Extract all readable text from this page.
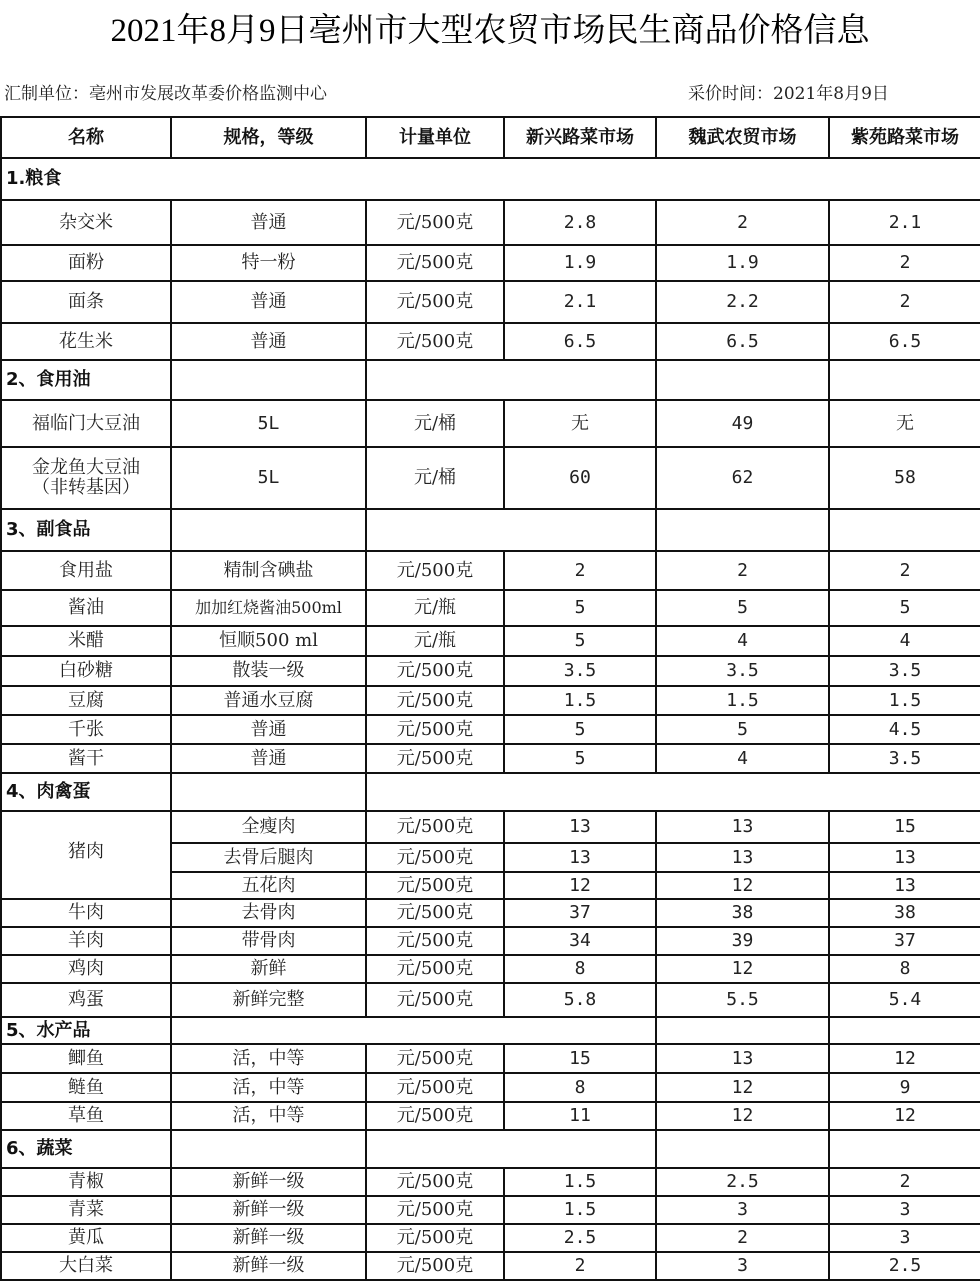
2021年8月9日亳州市大型农贸市场民生商品价格信息
汇制单位：亳州市发展改革委价格监测中心	采价时间：2021年8月9日
名称	规格，等级	计量单位	新兴路菜市场	魏武农贸市场	紫苑路菜市场
1.粮食					
杂交米	普通	元/500克	2.8	2	2.1
面粉	特一粉	元/500克	1.9	1.9	2
面条	普通	元/500克	2.1	2.2	2
花生米	普通	元/500克	6.5	6.5	6.5
2、食用油					
福临门大豆油	5L	元/桶	无	49	无

金龙鱼大豆油
（非转基因）	5L	元/桶	60	62	58
3、副食品					
食用盐	精制含碘盐	元/500克	2	2	2
酱油	加加红烧酱油500ml	元/瓶	5	5	5
米醋	恒顺500 ml	元/瓶	5	4	4
白砂糖	散装一级	元/500克	3.5	3.5	3.5
豆腐	普通水豆腐	元/500克	1.5	1.5	1.5
千张	普通	元/500克	5	5	4.5
酱干	普通	元/500克	5	4	3.5
4、肉禽蛋					
猪肉	全瘦肉	元/500克	13	13	15
	去骨后腿肉	元/500克	13	13	13
	五花肉	元/500克	12	12	13
牛肉	去骨肉	元/500克	37	38	38
羊肉	带骨肉	元/500克	34	39	37
鸡肉	新鲜	元/500克	8	12	8
鸡蛋	新鲜完整	元/500克	5.8	5.5	5.4
5、水产品					
鲫鱼	活，中等	元/500克	15	13	12
鲢鱼	活，中等	元/500克	8	12	9
草鱼	活，中等	元/500克	11	12	12
6、蔬菜					
青椒	新鲜一级	元/500克	1.5	2.5	2
青菜	新鲜一级	元/500克	1.5	3	3
黄瓜	新鲜一级	元/500克	2.5	2	3
大白菜	新鲜一级	元/500克	2	3	2.5
